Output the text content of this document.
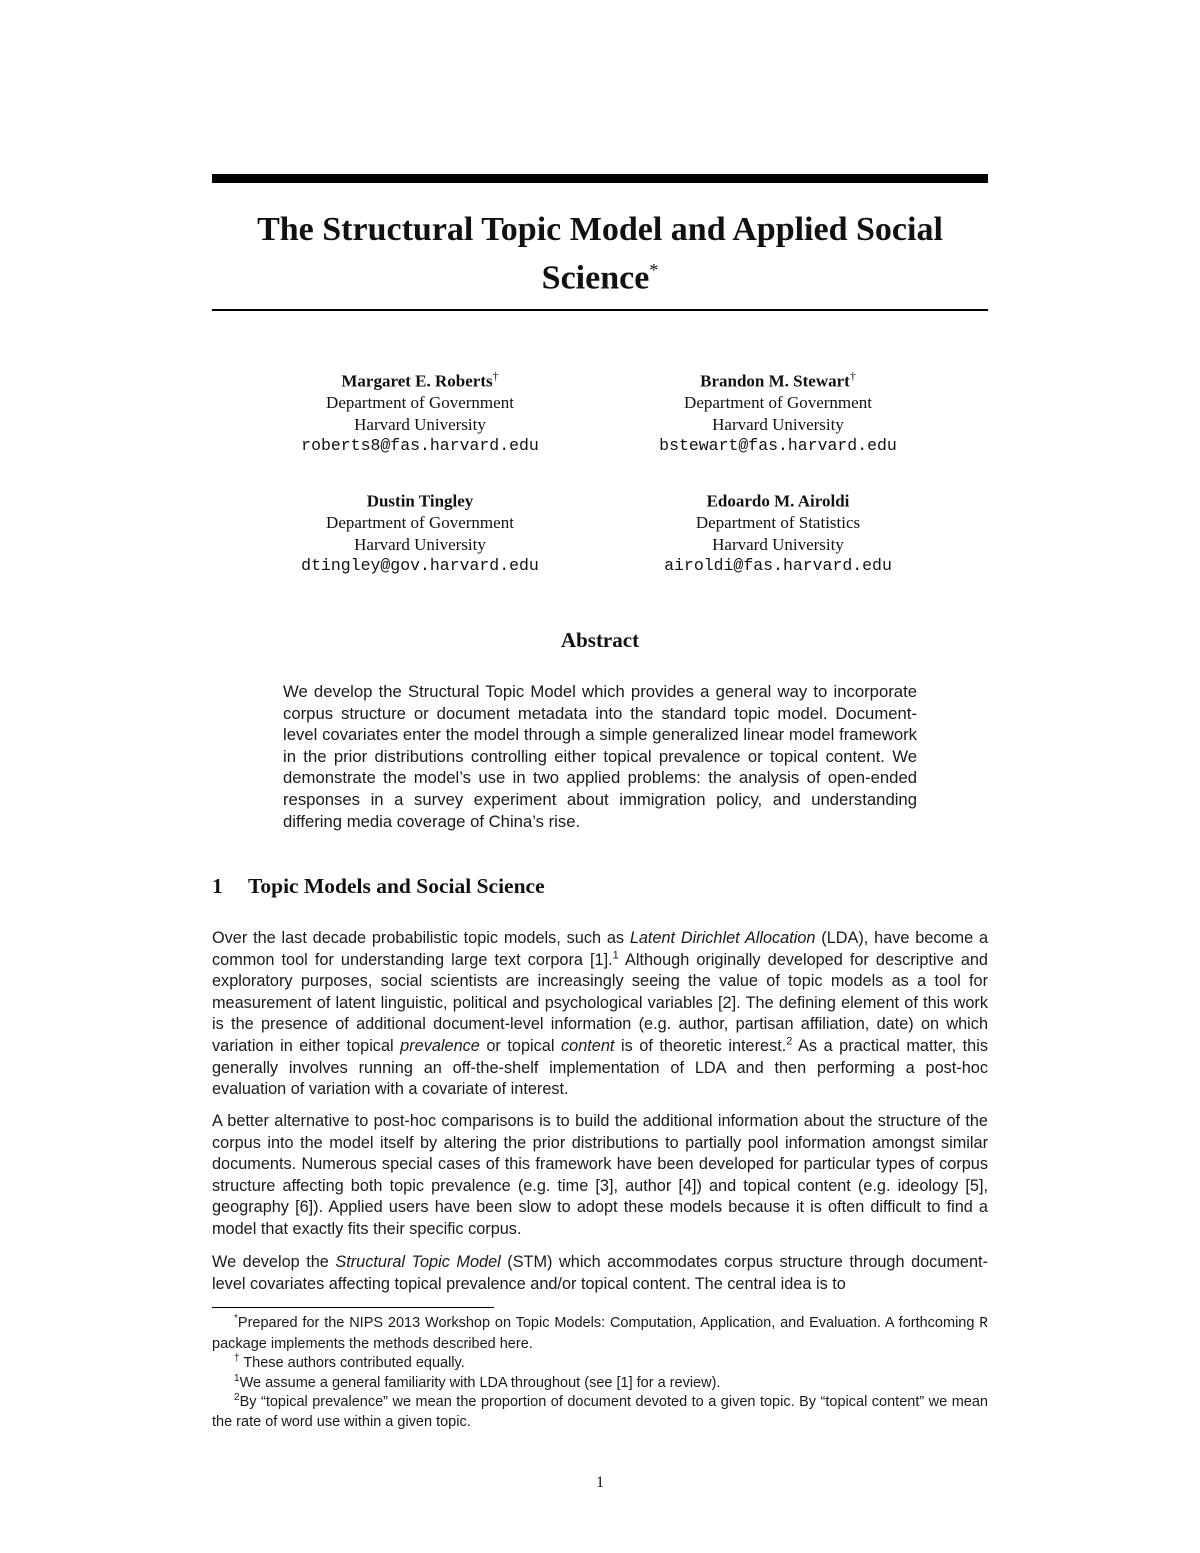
The Structural Topic Model and Applied Social Science*
Margaret E. Roberts†
Department of Government
Harvard University
roberts8@fas.harvard.edu
Brandon M. Stewart†
Department of Government
Harvard University
bstewart@fas.harvard.edu
Dustin Tingley
Department of Government
Harvard University
dtingley@gov.harvard.edu
Edoardo M. Airoldi
Department of Statistics
Harvard University
airoldi@fas.harvard.edu
Abstract

We develop the Structural Topic Model which provides a general way to incorporate corpus structure or document metadata into the standard topic model. Document-level covariates enter the model through a simple generalized linear model framework in the prior distributions controlling either topical prevalence or topical content. We demonstrate the model’s use in two applied problems: the analysis of open-ended responses in a survey experiment about immigration policy, and understanding differing media coverage of China’s rise.

1 Topic Models and Social Science

Over the last decade probabilistic topic models, such as Latent Dirichlet Allocation (LDA), have become a common tool for understanding large text corpora [1].$^1$ Although originally developed for descriptive and exploratory purposes, social scientists are increasingly seeing the value of topic models as a tool for measurement of latent linguistic, political and psychological variables [2]. The defining element of this work is the presence of additional document-level information (e.g. author, partisan affiliation, date) on which variation in either topical prevalence or topical content is of theoretic interest.$^2$ As a practical matter, this generally involves running an off-the-shelf implementation of LDA and then performing a post-hoc evaluation of variation with a covariate of interest.

A better alternative to post-hoc comparisons is to build the additional information about the structure of the corpus into the model itself by altering the prior distributions to partially pool information amongst similar documents. Numerous special cases of this framework have been developed for particular types of corpus structure affecting both topic prevalence (e.g. time [3], author [4]) and topical content (e.g. ideology [5], geography [6]). Applied users have been slow to adopt these models because it is often difficult to find a model that exactly fits their specific corpus.

We develop the Structural Topic Model (STM) which accommodates corpus structure through document-level covariates affecting topical prevalence and/or topical content. The central idea is to

*Prepared for the NIPS 2013 Workshop on Topic Models: Computation, Application, and Evaluation. A forthcoming R package implements the methods described here.

† These authors contributed equally.

$^1$We assume a general familiarity with LDA throughout (see [1] for a review).

$^2$By “topical prevalence” we mean the proportion of document devoted to a given topic. By “topical content” we mean the rate of word use within a given topic.

1
